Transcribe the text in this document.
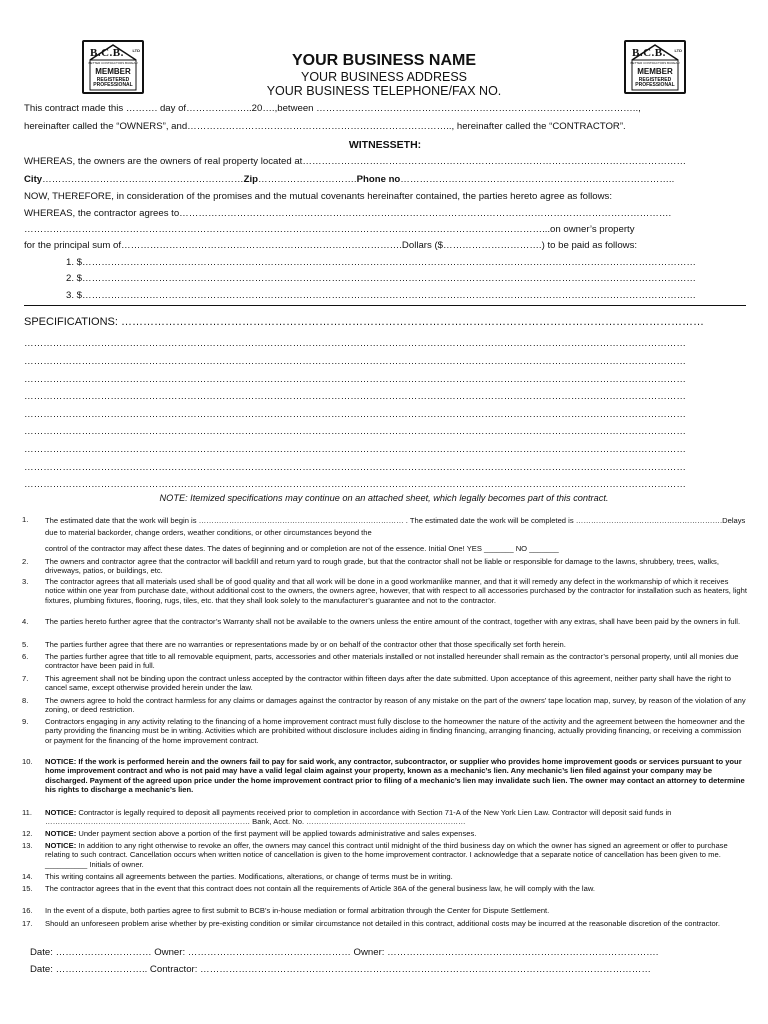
B.C.B. LTD
BETTER CONTRACTORS BUREAU
MEMBER
REGISTERED
PROFESSIONAL
B.C.B. LTD
BETTER CONTRACTORS BUREAU
MEMBER
REGISTERED
PROFESSIONAL
YOUR BUSINESS NAME
YOUR BUSINESS ADDRESS
YOUR BUSINESS TELEPHONE/FAX NO.
This contract made this ………. day of………….……..20….,between ………………………………………………………………………………………..,
hereinafter called the “OWNERS”, and……………………………………………………………………….., hereinafter called the “CONTRACTOR”.
WITNESSETH:
WHEREAS, the owners are the owners of real property located at…………………………………………………………………………………………………………
City………………………………………………………Zip………………………….Phone no…………………………………………………………………………..
NOW, THEREFORE, in consideration of the promises and the mutual covenants hereinafter contained, the parties hereto agree as follows:
WHEREAS, the contractor agrees to……………………………………………………………………………………………………………………………………….
………………………………………………………………………………………………………………………………………………...on owner’s property
for the principal sum of…………………………………………………………………………….Dollars ($………………………….) to be paid as follows:
1. $…………………………………………………………………………………………………………………………………………………………………………
2. $…………………………………………………………………………………………………………………………………………………………………………
3. $…………………………………………………………………………………………………………………………………………………………………………
SPECIFICATIONS: ……………………………………………………………………………………………………………………………………………
………………………………………………………………………………………………………………………………………………………………………………………
………………………………………………………………………………………………………………………………………………………………………………………
………………………………………………………………………………………………………………………………………………………………………………………
………………………………………………………………………………………………………………………………………………………………………………………
………………………………………………………………………………………………………………………………………………………………………………………
………………………………………………………………………………………………………………………………………………………………………………………
………………………………………………………………………………………………………………………………………………………………………………………
………………………………………………………………………………………………………………………………………………………………………………………
………………………………………………………………………………………………………………………………………………………………………………………
NOTE: Itemized specifications may continue on an attached sheet, which legally becomes part of this contract.
1.	The estimated date that the work will begin is ……………………………………………………………………… . The estimated date the work will be completed is ………………………………………………….Delays due to material backorder, change orders, weather conditions, or other circumstances beyond the
control of the contractor may affect these dates. The dates of beginning and or completion are not of the essence. Initial One! YES _______ NO _______
2.	The owners and contractor agree that the contractor will backfill and return yard to rough grade, but that the contractor shall not be liable or responsible for damage to the lawns, shrubbery, trees, walks, driveways, patios, or buildings, etc.
3.	The contractor agrees that all materials used shall be of good quality and that all work will be done in a good workmanlike manner, and that it will remedy any defect in the workmanship of which it receives notice within one year from purchase date, without additional cost to the owners, the owners agree, however, that with respect to all accessories purchased by the contractor for installation such as heaters, light fixtures, plumbing fixtures, flooring, rugs, tiles, etc. that they shall look solely to the manufacturer’s guarantee and not to the contractor.
4.	The parties hereto further agree that the contractor’s Warranty shall not be available to the owners unless the entire amount of the contract, together with any extras, shall have been paid by the owners in full.
5.	The parties further agree that there are no warranties or representations made by or on behalf of the contractor other that those specifically set forth herein.
6.	The parties further agree that title to all removable equipment, parts, accessories and other materials installed or not installed hereunder shall remain as the contractor’s personal property, until all monies due contractor have been paid in full.
7.	This agreement shall not be binding upon the contract unless accepted by the contractor within fifteen days after the date submitted. Upon acceptance of this agreement, neither party shall have the right to cancel same, except otherwise provided herein under the law.
8.	The owners agree to hold the contract harmless for any claims or damages against the contractor by reason of any mistake on the part of the owners’ tape location map, survey, by reason of the violation of any zoning, or deed restriction.
9.	Contractors engaging in any activity relating to the financing of a home improvement contract must fully disclose to the homeowner the nature of the activity and the agreement between the homeowner and the party providing the financing must be in writing. Activities which are prohibited without disclosure includes aiding in finding financing, arranging financing, actually providing financing, or receiving a commission or payment for the financing of the home improvement contract.
10.	NOTICE: If the work is performed herein and the owners fail to pay for said work, any contractor, subcontractor, or supplier who provides home improvement goods or services pursuant to your home improvement contract and who is not paid may have a valid legal claim against your property, known as a mechanic’s lien. Any mechanic’s lien filed against your company may be discharged. Payment of the agreed upon price under the home improvement contract prior to filing of a mechanic’s lien may invalidate such lien. The owner may contact an attorney to determine his rights to discharge a mechanic’s lien.
11.	NOTICE: Contractor is legally required to deposit all payments received prior to completion in accordance with Section 71-A of the New York Lien Law. Contractor will deposit said funds in ……………………………………………………………………… Bank, Acct. No. ………………………………………………………
12.	NOTICE: Under payment section above a portion of the first payment will be applied towards administrative and sales expenses.
13.	NOTICE: In addition to any right otherwise to revoke an offer, the owners may cancel this contract until midnight of the third business day on which the owner has signed an agreement or offer to purchase relating to such contract. Cancellation occurs when written notice of cancellation is given to the home improvement contractor. I acknowledge that a separate notice of cancellation has been given to me. __________ Initials of owner.
14.	This writing contains all agreements between the parties. Modifications, alterations, or change of terms must be in writing.
15.	The contractor agrees that in the event that this contract does not contain all the requirements of Article 36A of the general business law, he will comply with the law.
16.	In the event of a dispute, both parties agree to first submit to BCB’s in-house mediation or formal arbitration through the Center for Dispute Settlement.
17.	Should an unforeseen problem arise whether by pre-existing condition or similar circumstance not detailed in this contract, additional costs may be incurred at the reasonable discretion of the contractor.
Date: ………………………… Owner: …………………………………………… Owner: ………………………………………………………………………….
Date: ……………………….. Contractor: ……………………………………………………………………………………………………………………………
